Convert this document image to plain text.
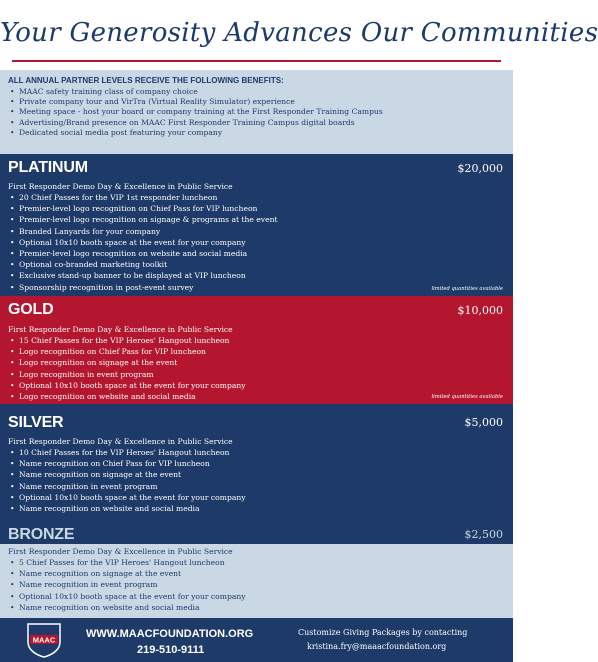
Your Generosity Advances Our Communities
ALL ANNUAL PARTNER LEVELS RECEIVE THE FOLLOWING BENEFITS:
• MAAC safety training class of company choice
• Private company tour and VirTra (Virtual Reality Simulator) experience
• Meeting space - host your board or company training at the First Responder Training Campus
• Advertising/Brand presence on MAAC First Responder Training Campus digital boards
• Dedicated social media post featuring your company
PLATINUM	$20,000
First Responder Demo Day & Excellence in Public Service
• 20 Chief Passes for the VIP 1st responder luncheon
• Premier-level logo recognition on Chief Pass for VIP luncheon
• Premier-level logo recognition on signage & programs at the event
• Branded Lanyards for your company
• Optional 10x10 booth space at the event for your company
• Premier-level logo recognition on website and social media
• Optional co-branded marketing toolkit
• Exclusive stand-up banner to be displayed at VIP luncheon
• Sponsorship recognition in post-event survey	limited quantities available
GOLD	$10,000
First Responder Demo Day & Excellence in Public Service
• 15 Chief Passes for the VIP Heroes' Hangout luncheon
• Logo recognition on Chief Pass for VIP luncheon
• Logo recognition on signage at the event
• Logo recognition in event program
• Optional 10x10 booth space at the event for your company
• Logo recognition on website and social media	limited quantities available
SILVER	$5,000
First Responder Demo Day & Excellence in Public Service
• 10 Chief Passes for the VIP Heroes' Hangout luncheon
• Name recognition on Chief Pass for VIP luncheon
• Name recognition on signage at the event
• Name recognition in event program
• Optional 10x10 booth space at the event for your company
• Name recognition on website and social media
BRONZE	$2,500
First Responder Demo Day & Excellence in Public Service
• 5 Chief Passes for the VIP Heroes' Hangout luncheon
• Name recognition on signage at the event
• Name recognition in event program
• Optional 10x10 booth space at the event for your company
• Name recognition on website and social media
MAAC	WWW.MAACFOUNDATION.ORG
219-510-9111
Customize Giving Packages by contacting
kristina.fry@maaacfoundation.org
